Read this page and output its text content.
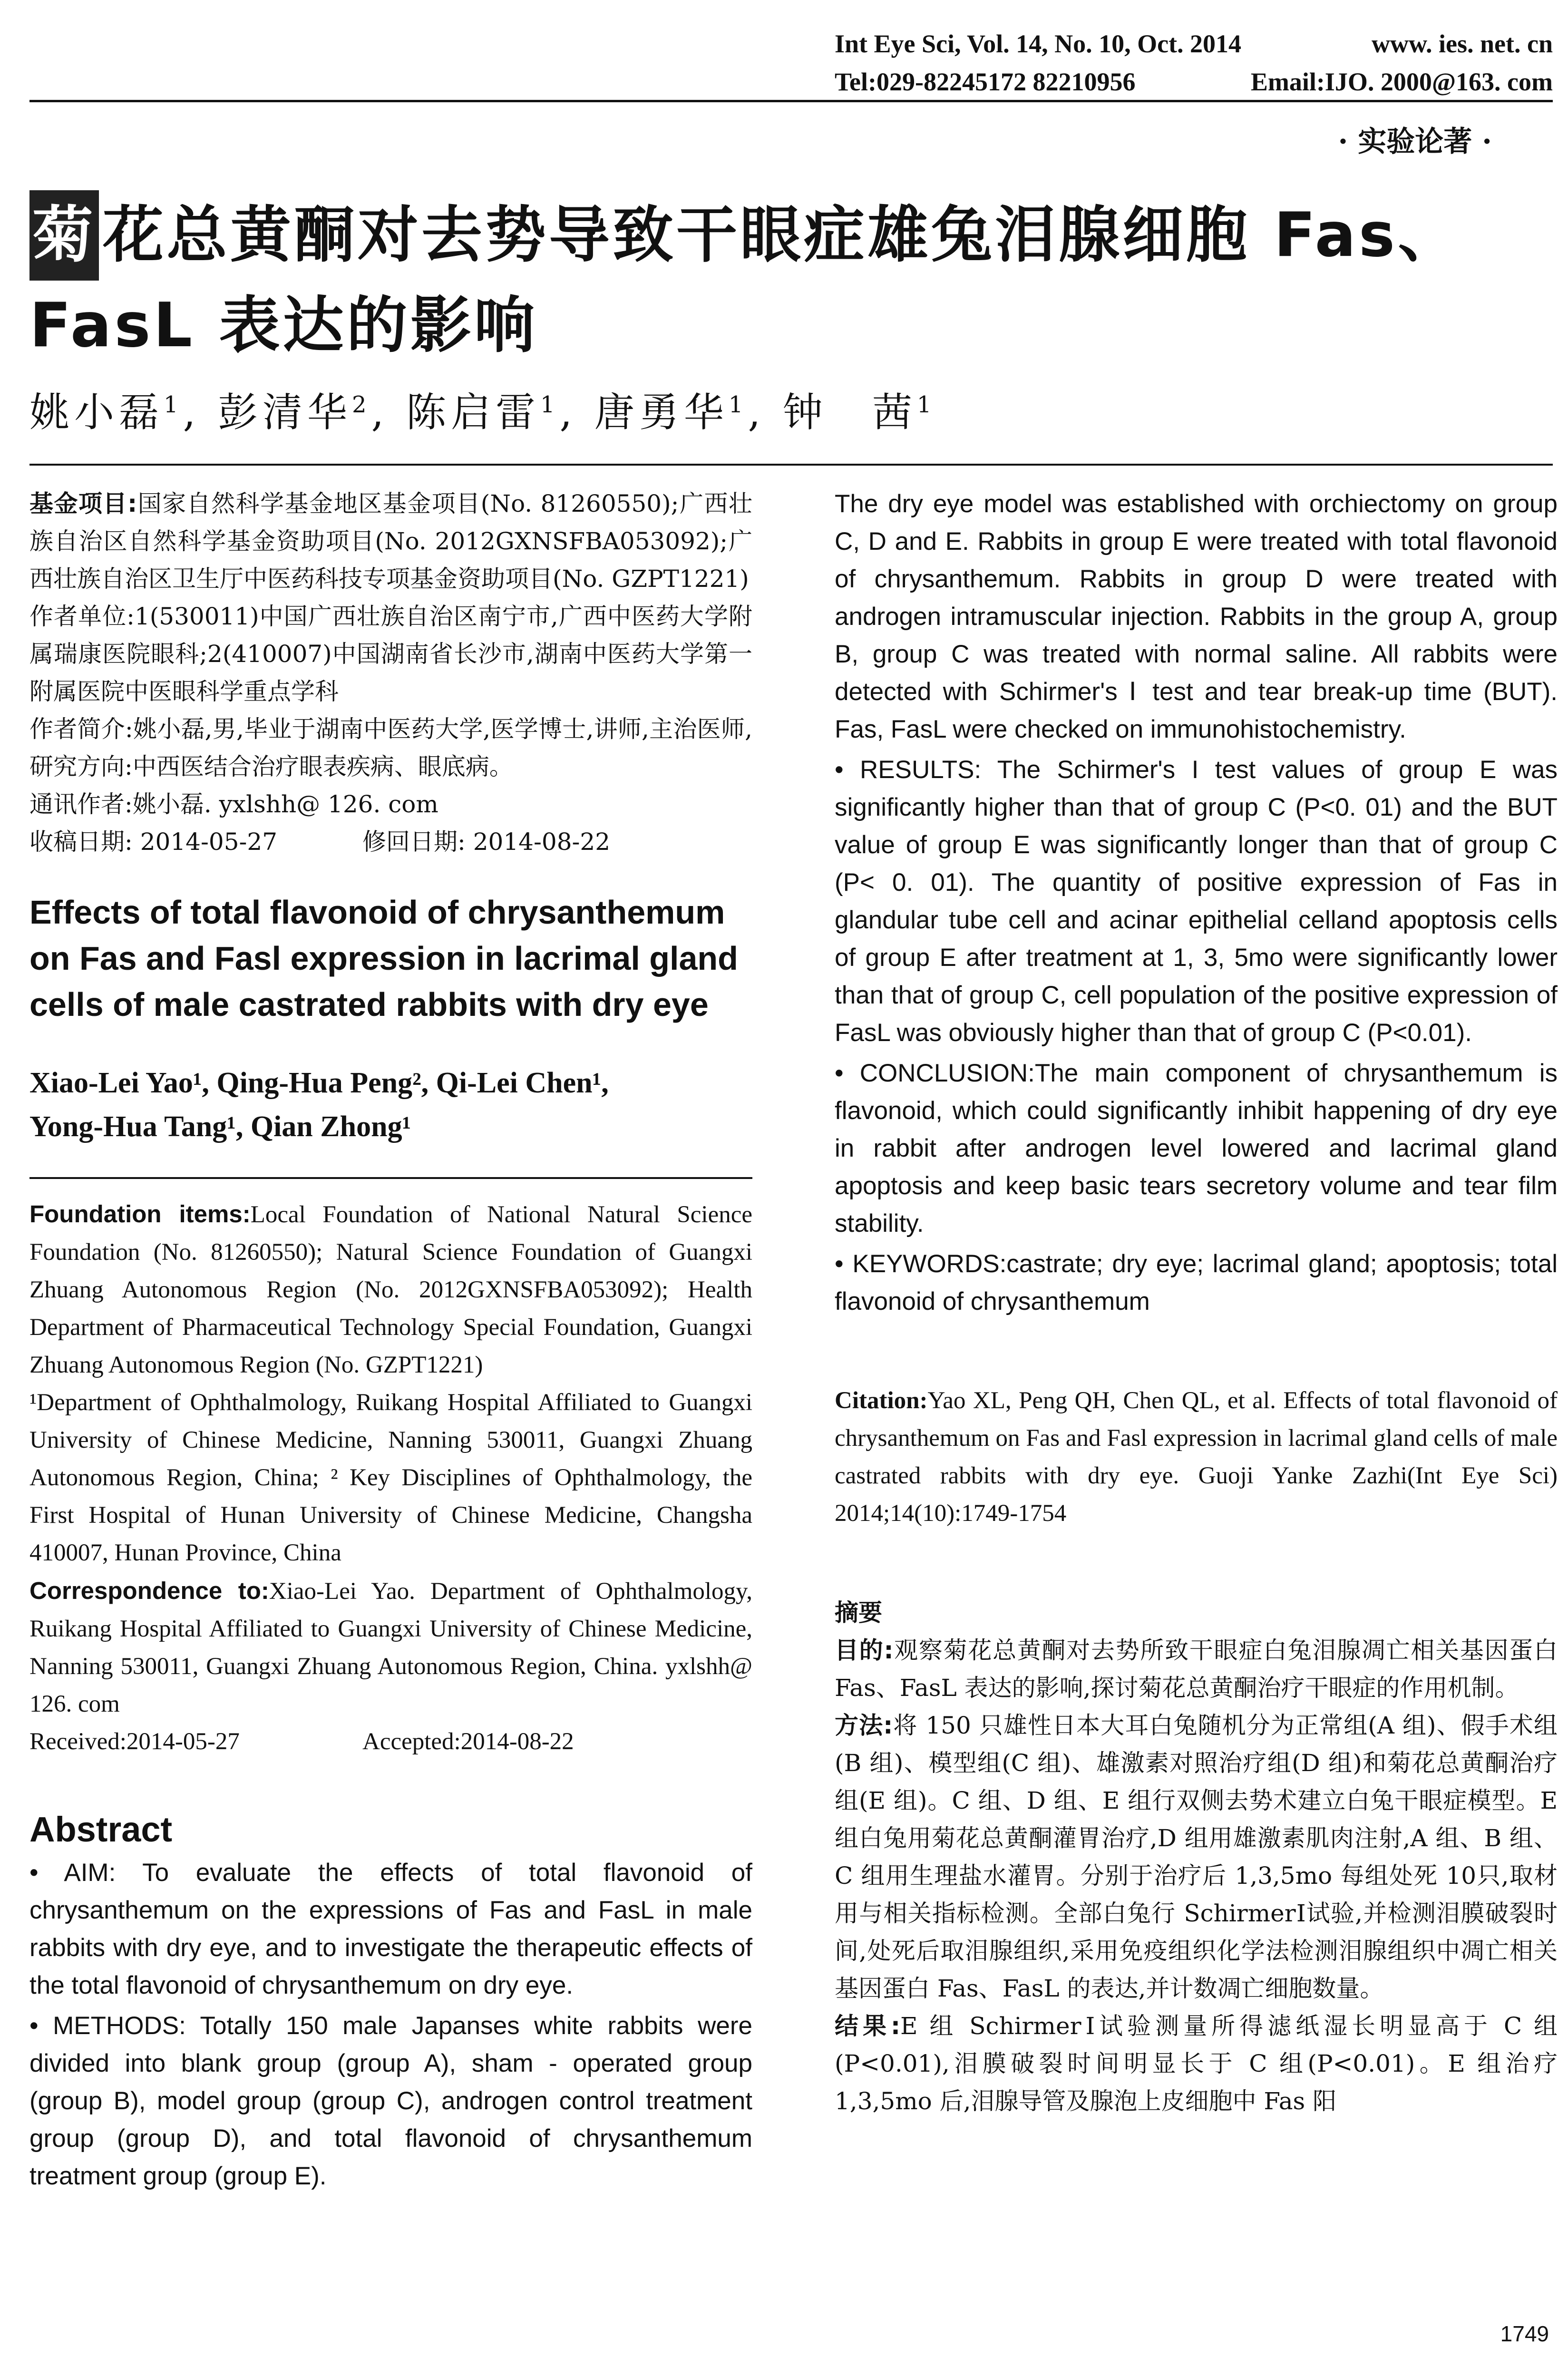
Int Eye Sci, Vol. 14, No. 10, Oct. 2014	www. ies. net. cn
Tel:029-82245172 82210956	Email:IJO. 2000@163. com
· 实验论著 ·
菊 花总黄酮对去势导致干眼症雄兔泪腺细胞 Fas、FasL 表达的影响
姚小磊$^1$, 彭清华$^2$, 陈启雷$^1$, 唐勇华$^1$, 钟　茜$^1$

基金项目:国家自然科学基金地区基金项目(No. 81260550);广西壮族自治区自然科学基金资助项目(No. 2012GXNSFBA053092);广西壮族自治区卫生厅中医药科技专项基金资助项目(No. GZPT1221)

作者单位:1(530011)中国广西壮族自治区南宁市,广西中医药大学附属瑞康医院眼科;2(410007)中国湖南省长沙市,湖南中医药大学第一附属医院中医眼科学重点学科

作者简介:姚小磊,男,毕业于湖南中医药大学,医学博士,讲师,主治医师,研究方向:中西医结合治疗眼表疾病、眼底病。

通讯作者:姚小磊. yxlshh@ 126. com

收稿日期: 2014-05-27	修回日期: 2014-08-22

Effects of total flavonoid of chrysanthemum on Fas and Fasl expression in lacrimal gland cells of male castrated rabbits with dry eye
Xiao-Lei Yao¹, Qing-Hua Peng², Qi-Lei Chen¹,
Yong-Hua Tang¹, Qian Zhong¹

Foundation items:Local Foundation of National Natural Science Foundation (No. 81260550); Natural Science Foundation of Guangxi Zhuang Autonomous Region (No. 2012GXNSFBA053092); Health Department of Pharmaceutical Technology Special Foundation, Guangxi Zhuang Autonomous Region (No. GZPT1221)

¹Department of Ophthalmology, Ruikang Hospital Affiliated to Guangxi University of Chinese Medicine, Nanning 530011, Guangxi Zhuang Autonomous Region, China; ² Key Disciplines of Ophthalmology, the First Hospital of Hunan University of Chinese Medicine, Changsha 410007, Hunan Province, China

Correspondence to:Xiao-Lei Yao. Department of Ophthalmology, Ruikang Hospital Affiliated to Guangxi University of Chinese Medicine, Nanning 530011, Guangxi Zhuang Autonomous Region, China. yxlshh@ 126. com

Received:2014-05-27	Accepted:2014-08-22

Abstract

• AIM: To evaluate the effects of total flavonoid of chrysanthemum on the expressions of Fas and FasL in male rabbits with dry eye, and to investigate the therapeutic effects of the total flavonoid of chrysanthemum on dry eye.

• METHODS: Totally 150 male Japanses white rabbits were divided into blank group (group A), sham - operated group (group B), model group (group C), androgen control treatment group (group D), and total flavonoid of chrysanthemum treatment group (group E).

The dry eye model was established with orchiectomy on group C, D and E. Rabbits in group E were treated with total flavonoid of chrysanthemum. Rabbits in group D were treated with androgen intramuscular injection. Rabbits in the group A, group B, group C was treated with normal saline. All rabbits were detected with Schirmer's Ⅰ test and tear break-up time (BUT). Fas, FasL were checked on immunohistochemistry.

• RESULTS: The Schirmer's I test values of group E was significantly higher than that of group C (P<0. 01) and the BUT value of group E was significantly longer than that of group C (P< 0. 01). The quantity of positive expression of Fas in glandular tube cell and acinar epithelial celland apoptosis cells of group E after treatment at 1, 3, 5mo were significantly lower than that of group C, cell population of the positive expression of FasL was obviously higher than that of group C (P<0.01).

• CONCLUSION:The main component of chrysanthemum is flavonoid, which could significantly inhibit happening of dry eye in rabbit after androgen level lowered and lacrimal gland apoptosis and keep basic tears secretory volume and tear film stability.

• KEYWORDS:castrate; dry eye; lacrimal gland; apoptosis; total flavonoid of chrysanthemum

Citation:Yao XL, Peng QH, Chen QL, et al. Effects of total flavonoid of chrysanthemum on Fas and Fasl expression in lacrimal gland cells of male castrated rabbits with dry eye. Guoji Yanke Zazhi(Int Eye Sci) 2014;14(10):1749-1754

摘要

目的:观察菊花总黄酮对去势所致干眼症白兔泪腺凋亡相关基因蛋白 Fas、FasL 表达的影响,探讨菊花总黄酮治疗干眼症的作用机制。

方法:将 150 只雄性日本大耳白兔随机分为正常组(A 组)、假手术组(B 组)、模型组(C 组)、雄激素对照治疗组(D 组)和菊花总黄酮治疗组(E 组)。C 组、D 组、E 组行双侧去势术建立白兔干眼症模型。E 组白兔用菊花总黄酮灌胃治疗,D 组用雄激素肌肉注射,A 组、B 组、C 组用生理盐水灌胃。分别于治疗后 1,3,5mo 每组处死 10只,取材用与相关指标检测。全部白兔行 SchirmerⅠ试验,并检测泪膜破裂时间,处死后取泪腺组织,采用免疫组织化学法检测泪腺组织中凋亡相关基因蛋白 Fas、FasL 的表达,并计数凋亡细胞数量。

结果:E 组 SchirmerⅠ试验测量所得滤纸湿长明显高于 C 组(P<0.01),泪膜破裂时间明显长于 C 组(P<0.01)。E 组治疗 1,3,5mo 后,泪腺导管及腺泡上皮细胞中 Fas 阳

1749
